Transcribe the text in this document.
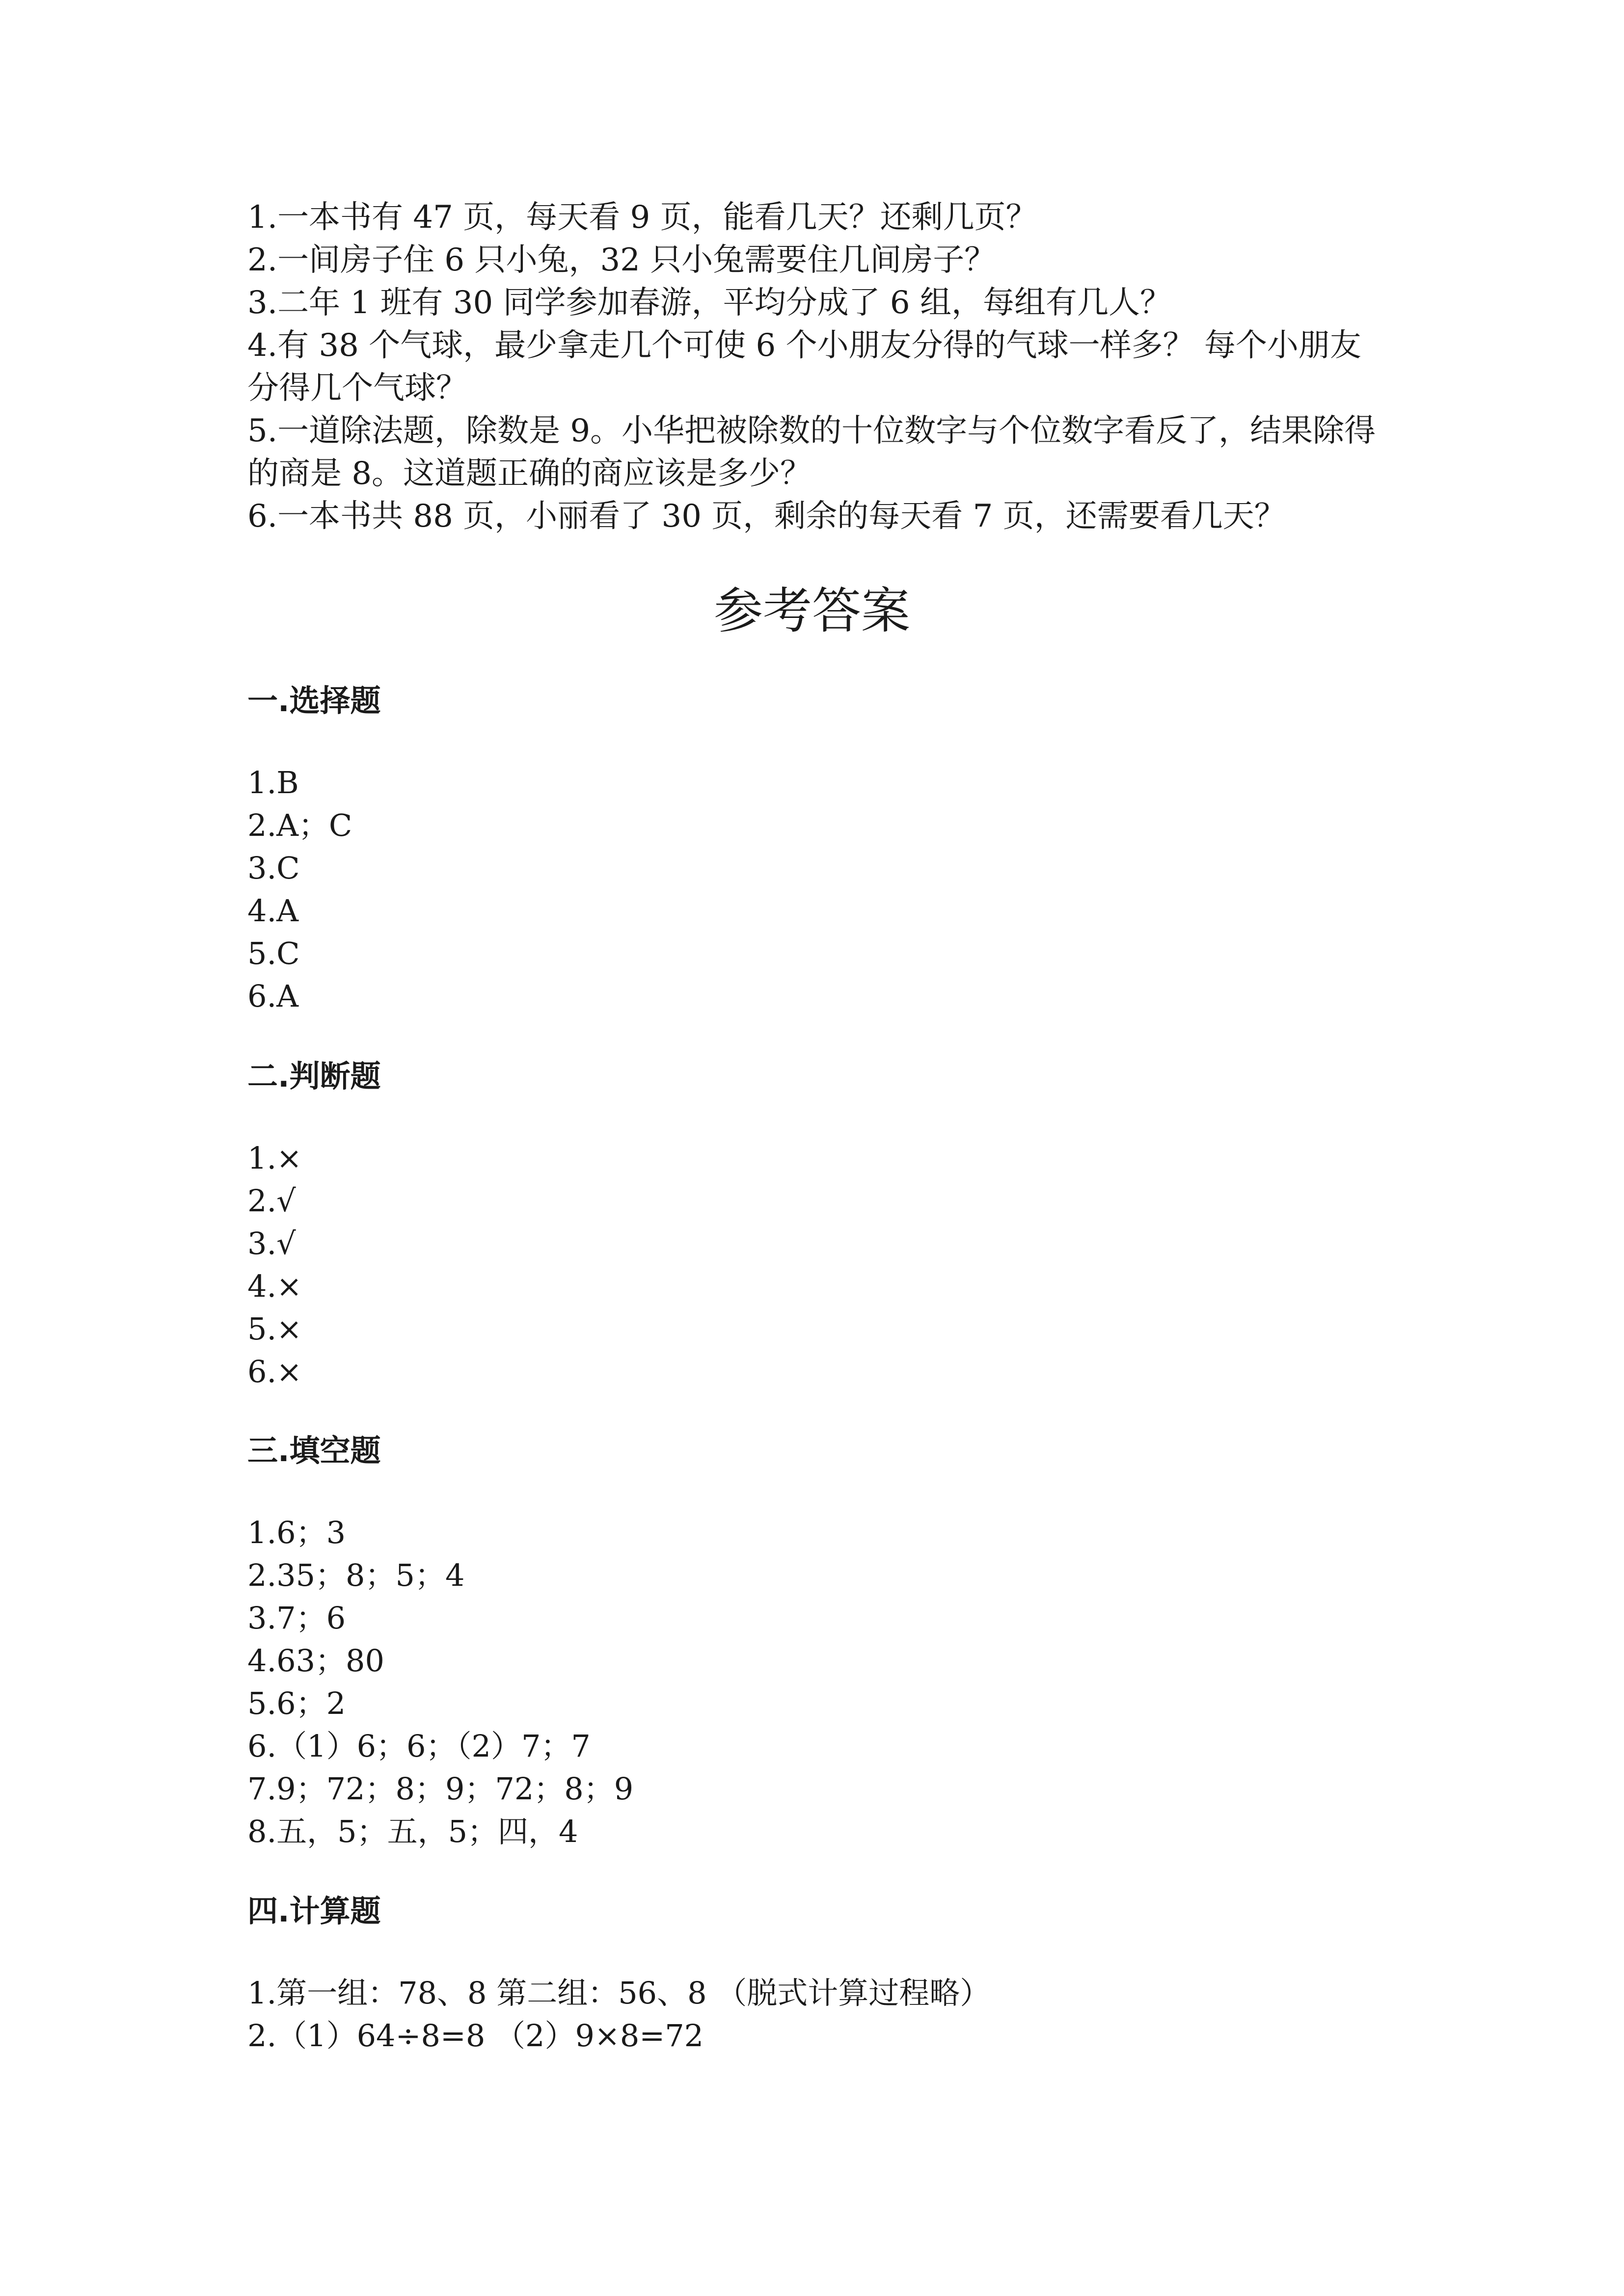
1.一本书有 47 页，每天看 9 页，能看几天？还剩几页？

2.一间房子住 6 只小兔，32 只小兔需要住几间房子？

3.二年 1 班有 30 同学参加春游，平均分成了 6 组，每组有几人？

4.有 38 个气球，最少拿走几个可使 6 个小朋友分得的气球一样多？ 每个小朋友分得几个气球？

5.一道除法题，除数是 9。小华把被除数的十位数字与个位数字看反了，结果除得的商是 8。这道题正确的商应该是多少？

6.一本书共 88 页，小丽看了 30 页，剩余的每天看 7 页，还需要看几天？

参考答案

一.选择题

1.B

2.A；C

3.C

4.A

5.C

6.A

二.判断题

1.×

2.√

3.√

4.×

5.×

6.×

三.填空题

1.6；3

2.35；8；5；4

3.7；6

4.63；80

5.6；2

6.（1）6；6；（2）7；7

7.9；72；8；9；72；8；9

8.五，5；五，5；四，4

四.计算题

1.第一组：78、8 第二组：56、8 （脱式计算过程略）

2.（1）64÷8=8 （2）9×8=72
